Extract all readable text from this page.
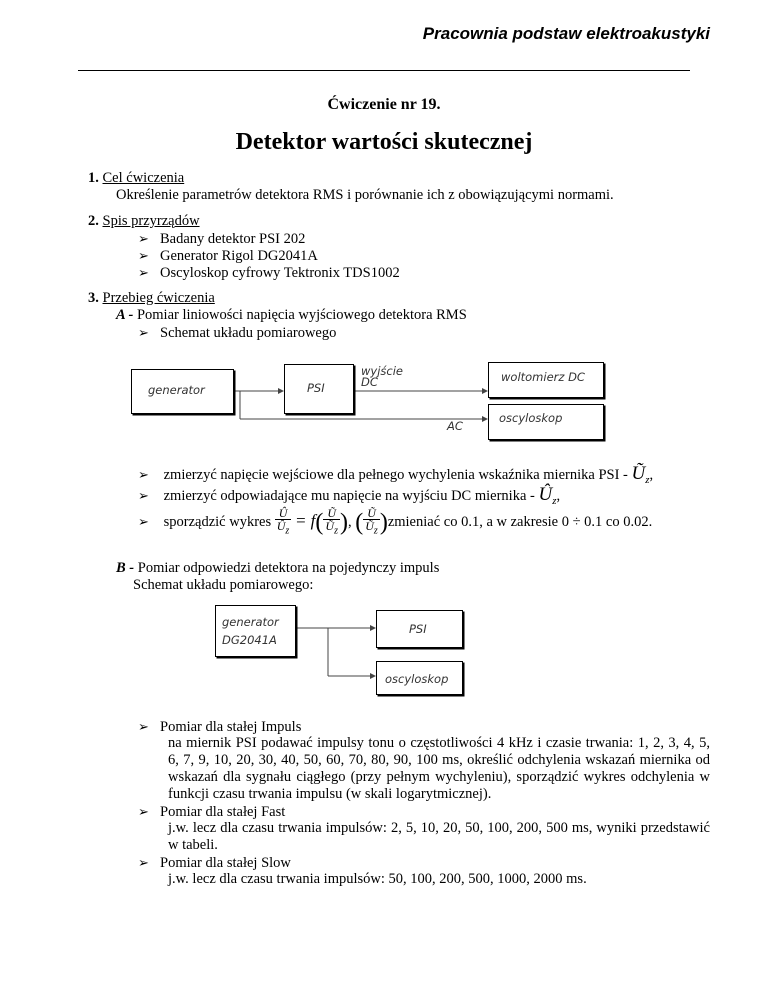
Pracownia podstaw elektroakustyki
Ćwiczenie nr 19.
Detektor wartości skutecznej
1. Cel ćwiczenia
Określenie parametrów detektora RMS i porównanie ich z obowiązującymi normami.
2. Spis przyrządów
➢ Badany detektor PSI 202
➢ Generator Rigol DG2041A
➢ Oscyloskop cyfrowy Tektronix TDS1002
3. Przebieg ćwiczenia
A - Pomiar liniowości napięcia wyjściowego detektora RMS
➢ Schemat układu pomiarowego
generator	PSI
wyjście
DC	woltomierz DC
AC
oscyloskop
➢ zmierzyć napięcie wejściowe dla pełnego wychylenia wskaźnika miernika PSI - $Ũ_z$,
➢ zmierzyć odpowiadające mu napięcie na wyjściu DC miernika - $Û_z$,
➢ sporządzić wykres $\frac{Û}{Û_z} = f( \frac{Ũ}{Ũ_z}$ ), ( $\frac{Ũ}{Ũ_z}$ )zmieniać co 0.1, a w zakresie 0 ÷ 0.1 co 0.02.
B - Pomiar odpowiedzi detektora na pojedynczy impuls
Schemat układu pomiarowego:
generator
DG2041A
PSI
oscyloskop
➢ Pomiar dla stałej Impuls
na miernik PSI podawać impulsy tonu o częstotliwości 4 kHz i czasie trwania: 1, 2, 3, 4, 5, 6, 7, 9, 10, 20, 30, 40, 50, 60, 70, 80, 90, 100 ms, określić odchylenia wskazań miernika od wskazań dla sygnału ciągłego (przy pełnym wychyleniu), sporządzić wykres odchylenia w funkcji czasu trwania impulsu (w skali logarytmicznej).
➢ Pomiar dla stałej Fast
j.w. lecz dla czasu trwania impulsów: 2, 5, 10, 20, 50, 100, 200, 500 ms, wyniki przedstawić w tabeli.
➢ Pomiar dla stałej Slow
j.w. lecz dla czasu trwania impulsów: 50, 100, 200, 500, 1000, 2000 ms.
